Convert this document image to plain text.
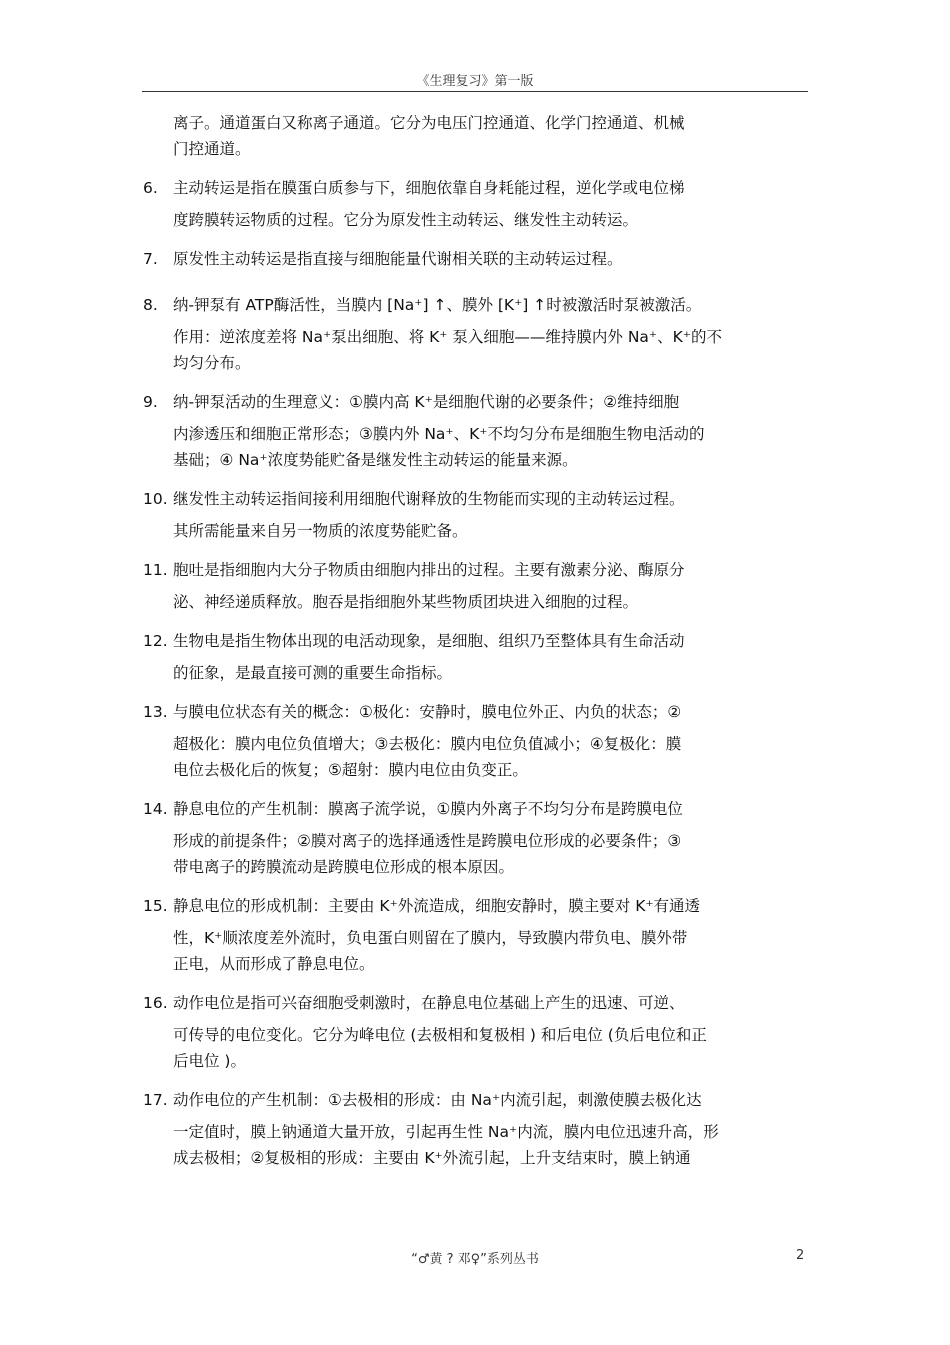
《生理复习》第一版
离子。通道蛋白又称离子通道。它分为电压门控通道、化学门控通道、机械
门控通道。
6. 主动转运是指在膜蛋白质参与下，细胞依靠自身耗能过程，逆化学或电位梯
度跨膜转运物质的过程。它分为原发性主动转运、继发性主动转运。
7. 原发性主动转运是指直接与细胞能量代谢相关联的主动转运过程。
8. 纳-钾泵有 ATP酶活性，当膜内 [Na⁺] ↑、膜外 [K⁺] ↑时被激活时泵被激活。
作用：逆浓度差将 Na⁺泵出细胞、将 K⁺ 泵入细胞——维持膜内外 Na⁺、K⁺的不
均匀分布。
9. 纳-钾泵活动的生理意义：①膜内高 K⁺是细胞代谢的必要条件；②维持细胞
内渗透压和细胞正常形态；③膜内外 Na⁺、K⁺不均匀分布是细胞生物电活动的
基础；④ Na⁺浓度势能贮备是继发性主动转运的能量来源。
10. 继发性主动转运指间接利用细胞代谢释放的生物能而实现的主动转运过程。
其所需能量来自另一物质的浓度势能贮备。
11. 胞吐是指细胞内大分子物质由细胞内排出的过程。主要有激素分泌、酶原分
泌、神经递质释放。胞吞是指细胞外某些物质团块进入细胞的过程。
12. 生物电是指生物体出现的电活动现象，是细胞、组织乃至整体具有生命活动
的征象，是最直接可测的重要生命指标。
13. 与膜电位状态有关的概念：①极化：安静时，膜电位外正、内负的状态；②
超极化：膜内电位负值增大；③去极化：膜内电位负值减小；④复极化：膜
电位去极化后的恢复；⑤超射：膜内电位由负变正。
14. 静息电位的产生机制：膜离子流学说，①膜内外离子不均匀分布是跨膜电位
形成的前提条件；②膜对离子的选择通透性是跨膜电位形成的必要条件；③
带电离子的跨膜流动是跨膜电位形成的根本原因。
15. 静息电位的形成机制：主要由 K⁺外流造成，细胞安静时，膜主要对 K⁺有通透
性，K⁺顺浓度差外流时，负电蛋白则留在了膜内，导致膜内带负电、膜外带
正电，从而形成了静息电位。
16. 动作电位是指可兴奋细胞受刺激时，在静息电位基础上产生的迅速、可逆、
可传导的电位变化。它分为峰电位 (去极相和复极相 ) 和后电位 (负后电位和正
后电位 )。
17. 动作电位的产生机制：①去极相的形成：由 Na⁺内流引起，刺激使膜去极化达
一定值时，膜上钠通道大量开放，引起再生性 Na⁺内流，膜内电位迅速升高，形
成去极相；②复极相的形成：主要由 K⁺外流引起，上升支结束时，膜上钠通
“♂黄 ? 邓♀”系列丛书	2
